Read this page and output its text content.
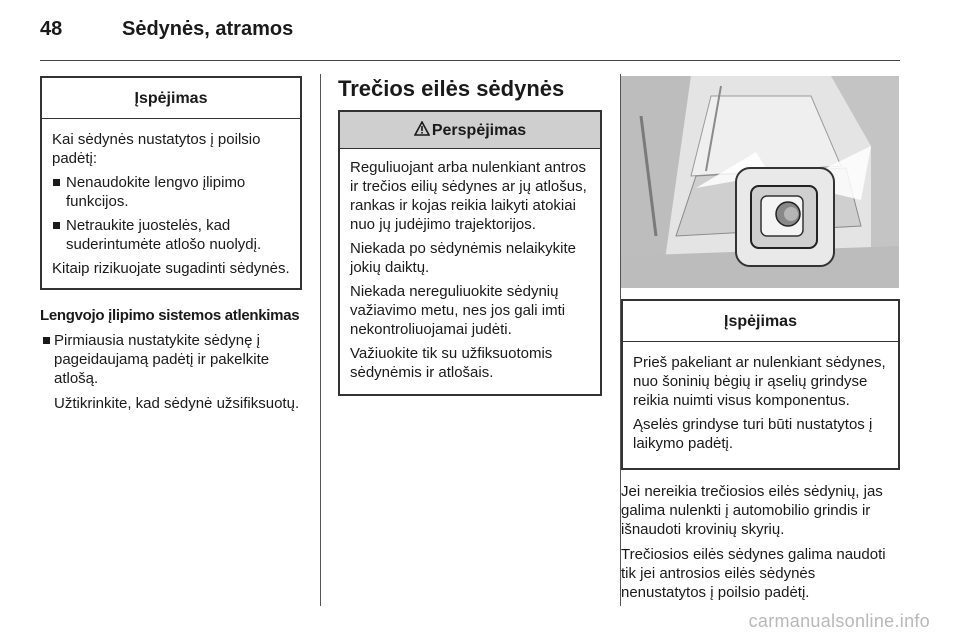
48	Sėdynės, atramos
Įspėjimas

Kai sėdynės nustatytos į poilsio padėtį:

Nenaudokite lengvo įlipimo funkcijos.
Netraukite juostelės, kad suderintumėte atlošo nuolydį.

Kitaip rizikuojate sugadinti sėdynės.

Lengvojo įlipimo sistemos atlenkimas

Pirmiausia nustatykite sėdynę į pageidaujamą padėtį ir pakelkite atlošą.

Užtikrinkite, kad sėdynė užsifiksuotų.

Trečios eilės sėdynės
Perspėjimas

Reguliuojant arba nulenkiant antros ir trečios eilių sėdynes ar jų atlošus, rankas ir kojas reikia laikyti atokiai nuo jų judėjimo trajektorijos.

Niekada po sėdynėmis nelaikykite jokių daiktų.

Niekada nereguliuokite sėdynių važiavimo metu, nes jos gali imti nekontroliuojamai judėti.

Važiuokite tik su užfiksuotomis sėdynėmis ir atlošais.

Įspėjimas

Prieš pakeliant ar nulenkiant sėdynes, nuo šoninių bėgių ir ąselių grindyse reikia nuimti visus komponentus.

Ąselės grindyse turi būti nustatytos į laikymo padėtį.

Jei nereikia trečiosios eilės sėdynių, jas galima nulenkti į automobilio grindis ir išnaudoti krovinių skyrių.

Trečiosios eilės sėdynes galima naudoti tik jei antrosios eilės sėdynės nenustatytos į poilsio padėtį.

carmanualsonline.info
